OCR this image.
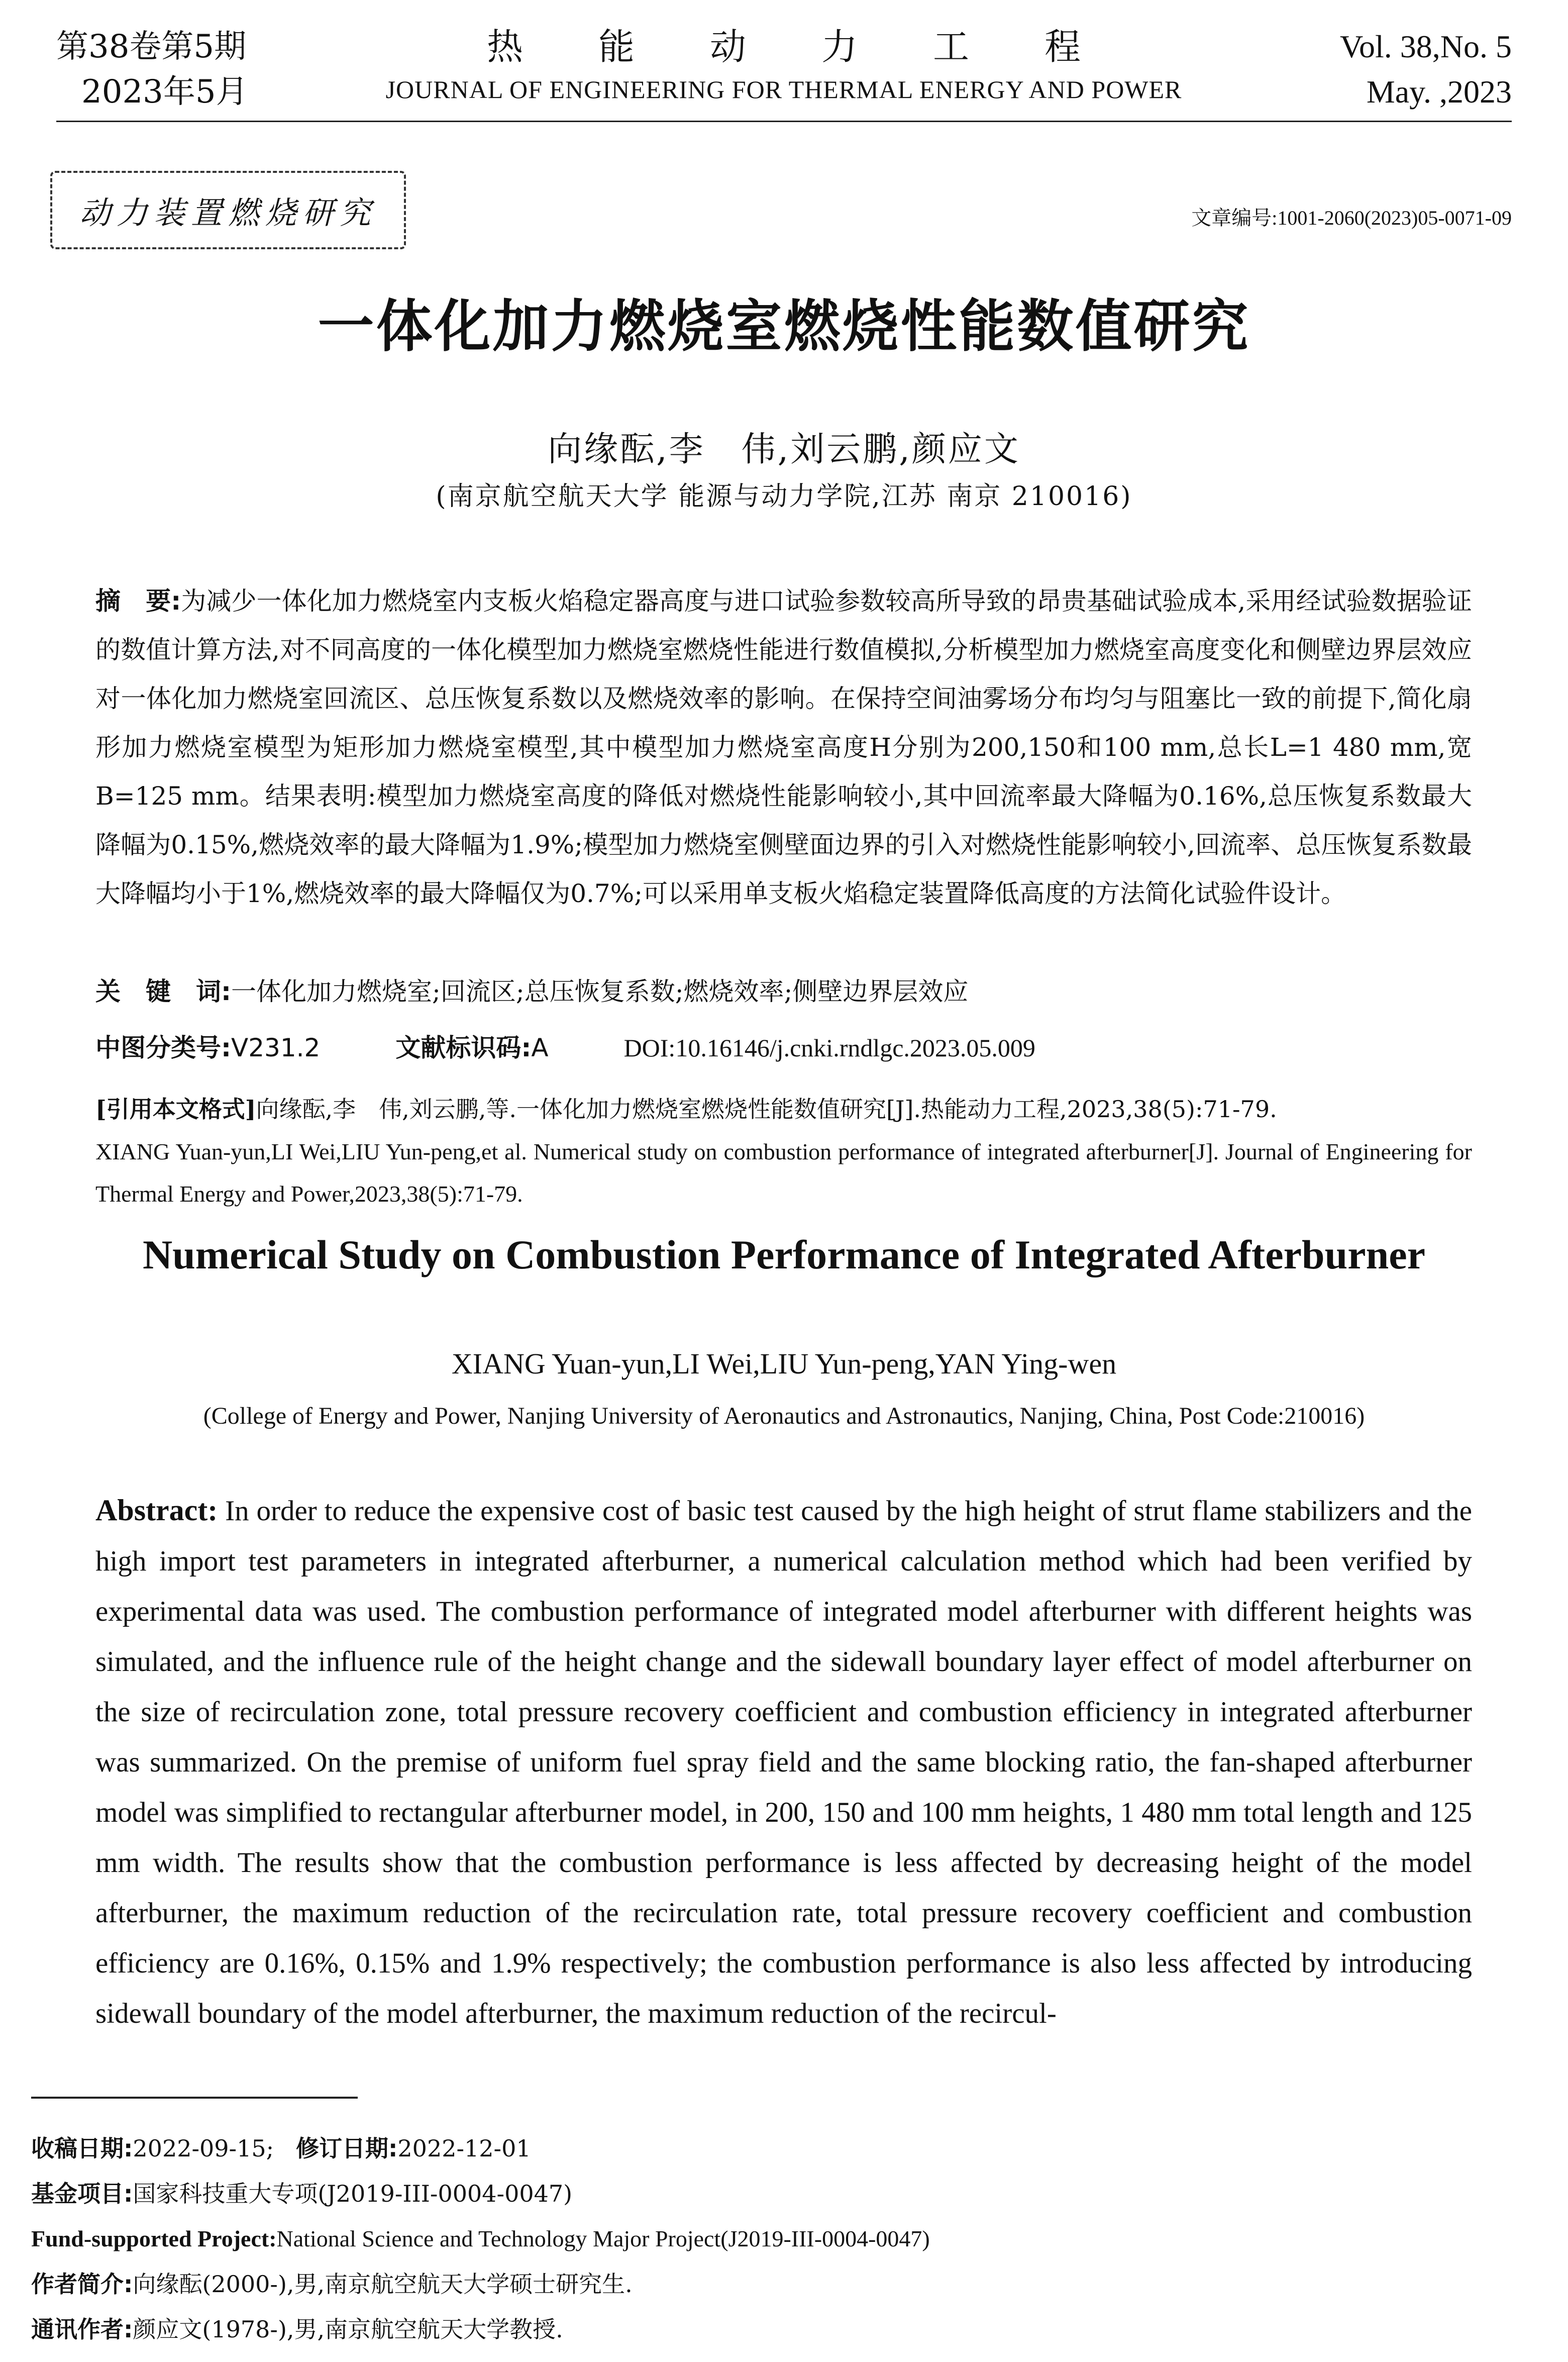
第38卷第5期
2023年5月
热能动力工程
JOURNAL OF ENGINEERING FOR THERMAL ENERGY AND POWER
Vol. 38,No. 5
May. ,2023
动力装置燃烧研究	文章编号:1001-2060(2023)05-0071-09
一体化加力燃烧室燃烧性能数值研究
向缘酝,李　伟,刘云鹏,颜应文
(南京航空航天大学 能源与动力学院,江苏 南京 210016)
摘　要:为减少一体化加力燃烧室内支板火焰稳定器高度与进口试验参数较高所导致的昂贵基础试验成本,采用经试验数据验证的数值计算方法,对不同高度的一体化模型加力燃烧室燃烧性能进行数值模拟,分析模型加力燃烧室高度变化和侧壁边界层效应对一体化加力燃烧室回流区、总压恢复系数以及燃烧效率的影响。在保持空间油雾场分布均匀与阻塞比一致的前提下,简化扇形加力燃烧室模型为矩形加力燃烧室模型,其中模型加力燃烧室高度H分别为200,150和100 mm,总长L=1 480 mm,宽B=125 mm。结果表明:模型加力燃烧室高度的降低对燃烧性能影响较小,其中回流率最大降幅为0.16%,总压恢复系数最大降幅为0.15%,燃烧效率的最大降幅为1.9%;模型加力燃烧室侧壁面边界的引入对燃烧性能影响较小,回流率、总压恢复系数最大降幅均小于1%,燃烧效率的最大降幅仅为0.7%;可以采用单支板火焰稳定装置降低高度的方法简化试验件设计。
关　键　词:一体化加力燃烧室;回流区;总压恢复系数;燃烧效率;侧壁边界层效应
中图分类号:V231.2	文献标识码:A	DOI:10.16146/j.cnki.rndlgc.2023.05.009
[引用本文格式]向缘酝,李　伟,刘云鹏,等.一体化加力燃烧室燃烧性能数值研究[J].热能动力工程,2023,38(5):71-79.
XIANG Yuan-yun,LI Wei,LIU Yun-peng,et al. Numerical study on combustion performance of integrated afterburner[J]. Journal of Engineering for Thermal Energy and Power,2023,38(5):71-79.
Numerical Study on Combustion Performance of Integrated Afterburner
XIANG Yuan-yun,LI Wei,LIU Yun-peng,YAN Ying-wen
(College of Energy and Power, Nanjing University of Aeronautics and Astronautics, Nanjing, China, Post Code:210016)
Abstract: In order to reduce the expensive cost of basic test caused by the high height of strut flame stabilizers and the high import test parameters in integrated afterburner, a numerical calculation method which had been verified by experimental data was used. The combustion performance of integrated model afterburner with different heights was simulated, and the influence rule of the height change and the sidewall boundary layer effect of model afterburner on the size of recirculation zone, total pressure recovery coefficient and combustion efficiency in integrated afterburner was summarized. On the premise of uniform fuel spray field and the same blocking ratio, the fan-shaped afterburner model was simplified to rectangular afterburner model, in 200, 150 and 100 mm heights, 1 480 mm total length and 125 mm width. The results show that the combustion performance is less affected by decreasing height of the model afterburner, the maximum reduction of the recirculation rate, total pressure recovery coefficient and combustion efficiency are 0.16%, 0.15% and 1.9% respectively; the combustion performance is also less affected by introducing sidewall boundary of the model afterburner, the maximum reduction of the recircul-
收稿日期:2022-09-15; 修订日期:2022-12-01
基金项目:国家科技重大专项(J2019-III-0004-0047)
Fund-supported Project:National Science and Technology Major Project(J2019-III-0004-0047)
作者简介:向缘酝(2000-),男,南京航空航天大学硕士研究生.
通讯作者:颜应文(1978-),男,南京航空航天大学教授.
